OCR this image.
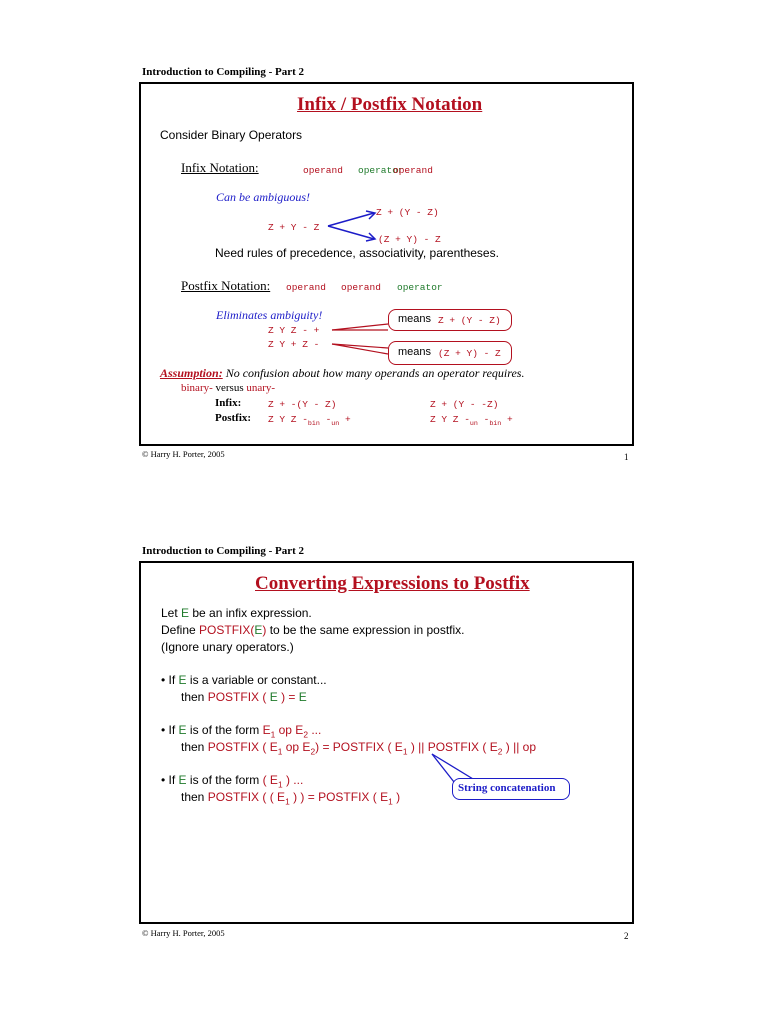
Introduction to Compiling - Part 2
Infix / Postfix Notation
Consider Binary Operators
Infix Notation:	operand operator
operand
Can be ambiguous!
Z + Y - Z
Z + (Y - Z)
(Z + Y) - Z
Need rules of precedence, associativity, parentheses.
Postfix Notation: operand operand operator
Eliminates ambiguity!
Z Y Z - +
Z Y + Z -
means Z + (Y - Z)
means (Z + Y) - Z
Assumption: No confusion about how many operands an operator requires.
binary- versus unary-
Infix:	Z + -(Y - Z)	Z + (Y - -Z)
Postfix: Z Y Z $-_{bin}$ $-_{un}$ +	Z Y Z $-_{un}$ $-_{bin}$ +
© Harry H. Porter, 2005	1
Introduction to Compiling - Part 2
Converting Expressions to Postfix
Let E be an infix expression.
Define POSTFIX(E) to be the same expression in postfix.
(Ignore unary operators.)
• If E is a variable or constant...
then POSTFIX ( E ) = E
• If E is of the form $E_1$ op $E_2$ ...
then POSTFIX ( $E_1$ op $E_2$) = POSTFIX ( $E_1$ ) || POSTFIX ( $E_2$ ) || op
• If E is of the form ( $E_1$ ) ...
then POSTFIX ( ( $E_1$ ) ) = POSTFIX ( $E_1$ )
String concatenation
© Harry H. Porter, 2005	2
